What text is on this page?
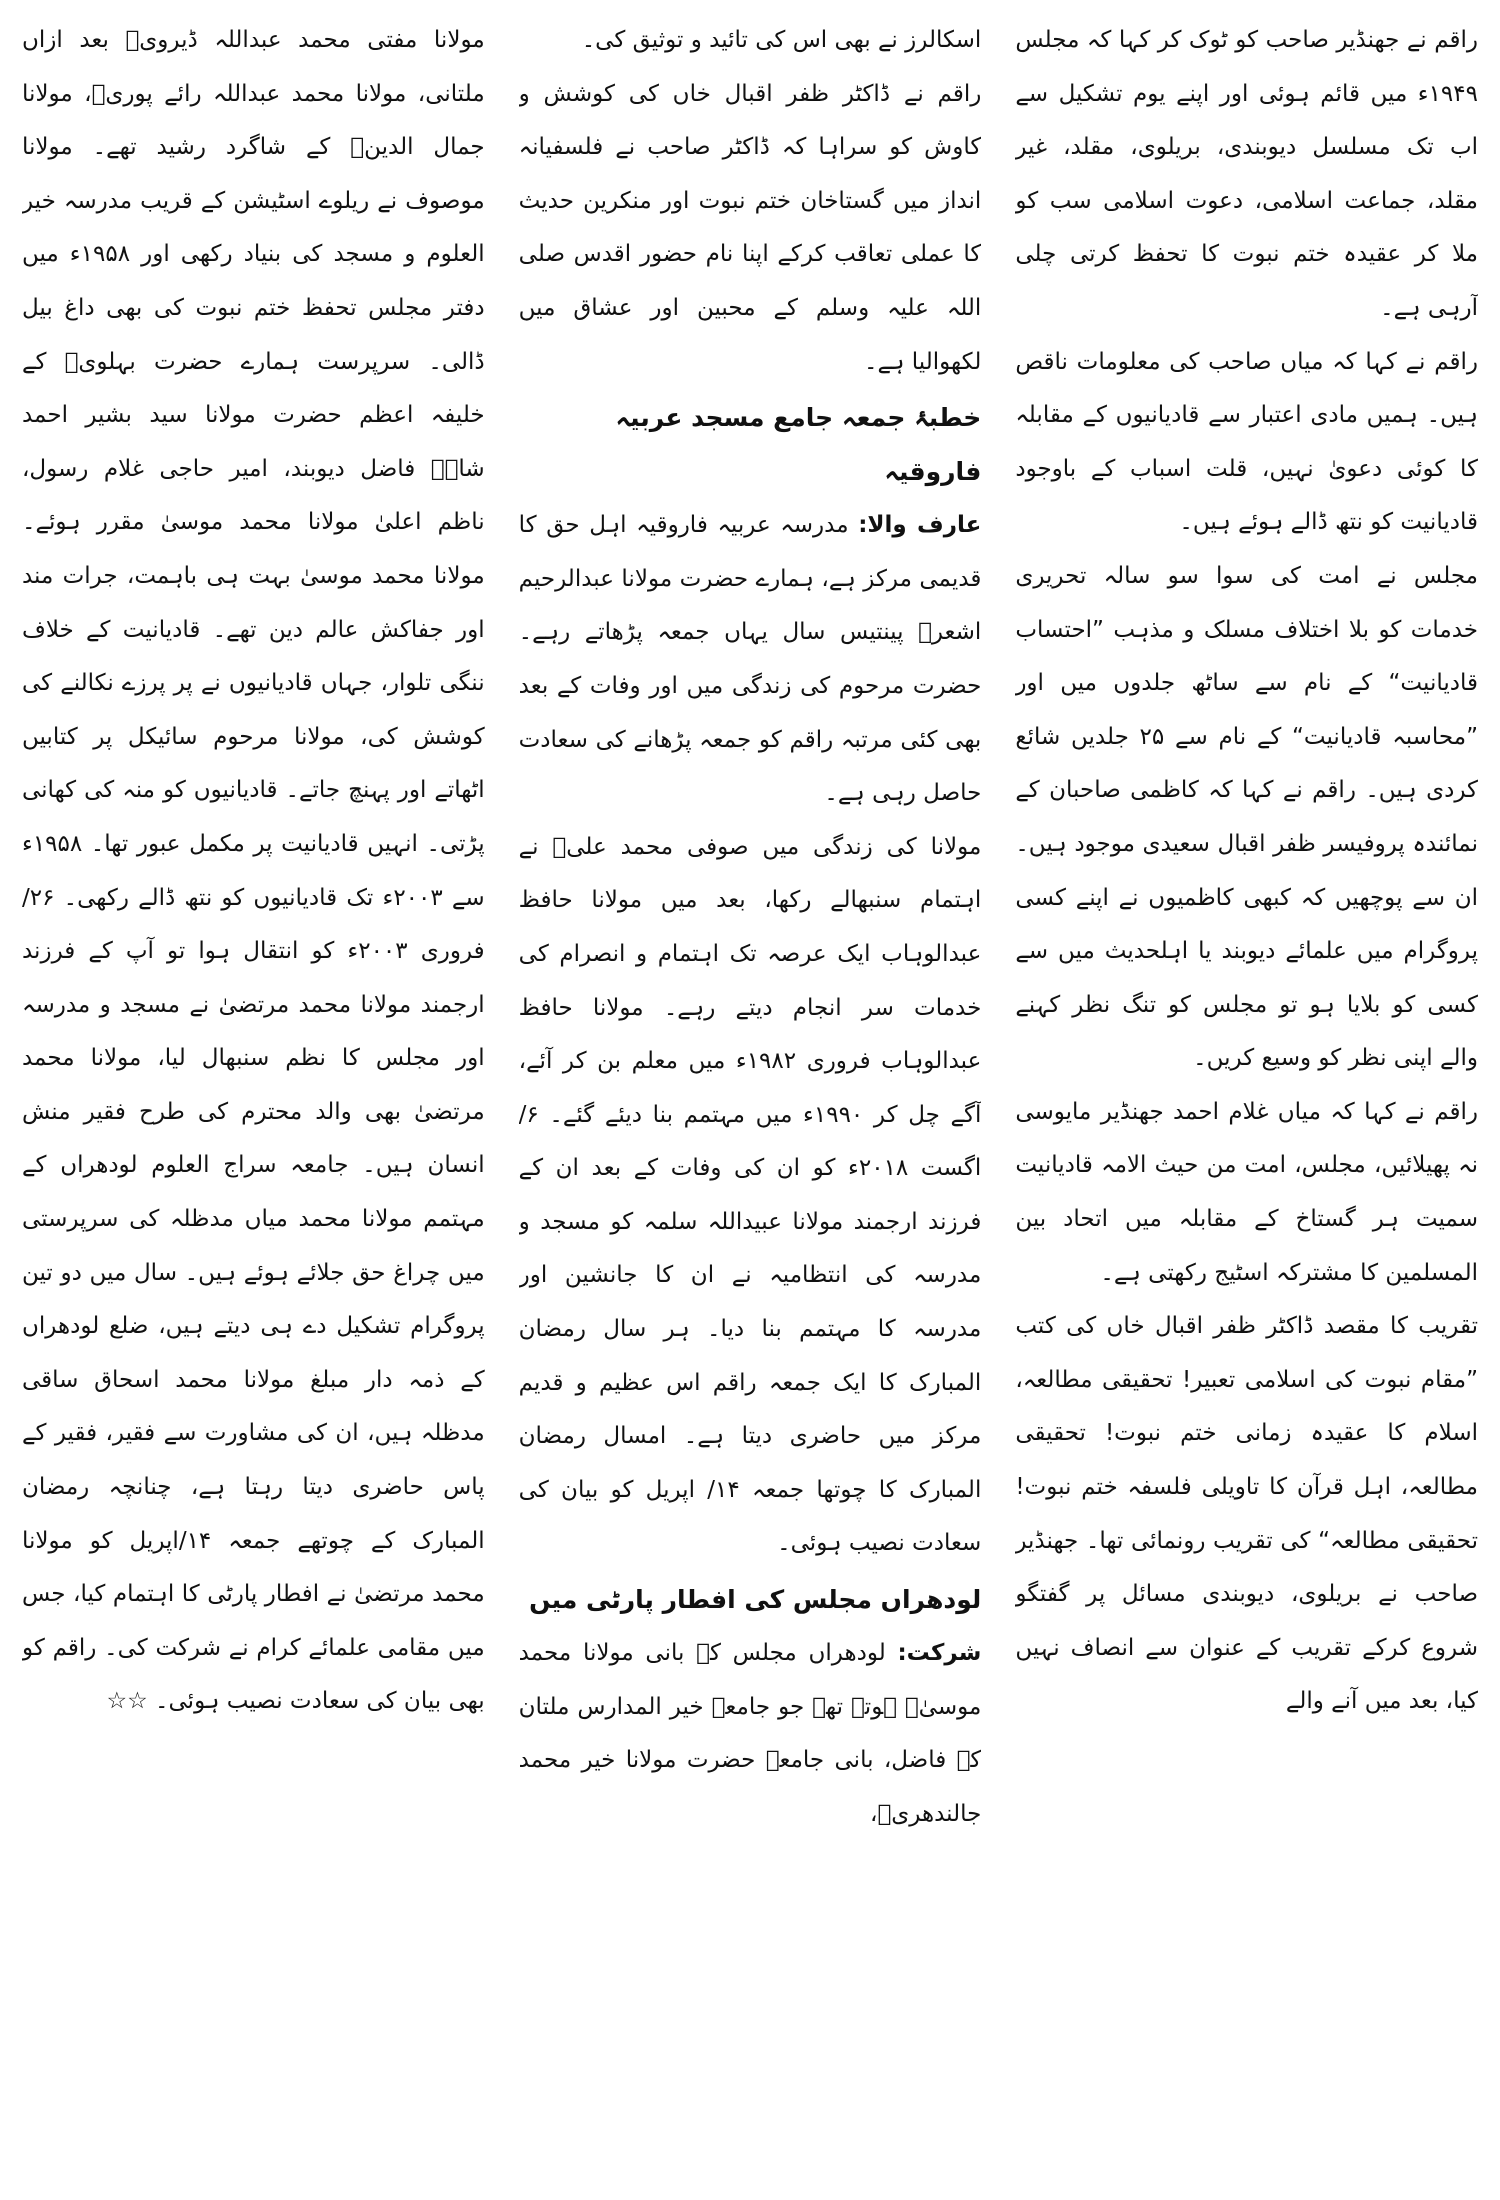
راقم نے جھنڈیر صاحب کو ٹوک کر کہا کہ مجلس ۱۹۴۹ء میں قائم ہوئی اور اپنے یوم تشکیل سے اب تک مسلسل دیوبندی، بریلوی، مقلد، غیر مقلد، جماعت اسلامی، دعوت اسلامی سب کو ملا کر عقیدہ ختم نبوت کا تحفظ کرتی چلی آرہی ہے۔

راقم نے کہا کہ میاں صاحب کی معلومات ناقص ہیں۔ ہمیں مادی اعتبار سے قادیانیوں کے مقابلہ کا کوئی دعویٰ نہیں، قلت اسباب کے باوجود قادیانیت کو نتھ ڈالے ہوئے ہیں۔

مجلس نے امت کی سوا سو سالہ تحریری خدمات کو بلا اختلاف مسلک و مذہب ”احتساب قادیانیت“ کے نام سے ساٹھ جلدوں میں اور ”محاسبہ قادیانیت“ کے نام سے ۲۵ جلدیں شائع کردی ہیں۔ راقم نے کہا کہ کاظمی صاحبان کے نمائندہ پروفیسر ظفر اقبال سعیدی موجود ہیں۔ ان سے پوچھیں کہ کبھی کاظمیوں نے اپنے کسی پروگرام میں علمائے دیوبند یا اہلحدیث میں سے کسی کو بلایا ہو تو مجلس کو تنگ نظر کہنے والے اپنی نظر کو وسیع کریں۔

راقم نے کہا کہ میاں غلام احمد جھنڈیر مایوسی نہ پھیلائیں، مجلس، امت من حیث الامہ قادیانیت سمیت ہر گستاخ کے مقابلہ میں اتحاد بین المسلمین کا مشترکہ اسٹیج رکھتی ہے۔

تقریب کا مقصد ڈاکٹر ظفر اقبال خاں کی کتب ”مقام نبوت کی اسلامی تعبیر! تحقیقی مطالعہ، اسلام کا عقیدہ زمانی ختم نبوت! تحقیقی مطالعہ، اہل قرآن کا تاویلی فلسفہ ختم نبوت! تحقیقی مطالعہ“ کی تقریب رونمائی تھا۔ جھنڈیر صاحب نے بریلوی، دیوبندی مسائل پر گفتگو شروع کرکے تقریب کے عنوان سے انصاف نہیں کیا، بعد میں آنے والے

اسکالرز نے بھی اس کی تائید و توثیق کی۔

راقم نے ڈاکٹر ظفر اقبال خاں کی کوشش و کاوش کو سراہا کہ ڈاکٹر صاحب نے فلسفیانہ انداز میں گستاخان ختم نبوت اور منکرین حدیث کا عملی تعاقب کرکے اپنا نام حضور اقدس صلی اللہ علیہ وسلم کے محبین اور عشاق میں لکھوالیا ہے۔

خطبۂ جمعہ جامع مسجد عربیہ فاروقیہ

عارف والا: مدرسہ عربیہ فاروقیہ اہل حق کا قدیمی مرکز ہے، ہمارے حضرت مولانا عبدالرحیم اشعرؒ پینتیس سال یہاں جمعہ پڑھاتے رہے۔ حضرت مرحوم کی زندگی میں اور وفات کے بعد بھی کئی مرتبہ راقم کو جمعہ پڑھانے کی سعادت حاصل رہی ہے۔

مولانا کی زندگی میں صوفی محمد علیؒ نے اہتمام سنبھالے رکھا، بعد میں مولانا حافظ عبدالوہاب ایک عرصہ تک اہتمام و انصرام کی خدمات سر انجام دیتے رہے۔ مولانا حافظ عبدالوہاب فروری ۱۹۸۲ء میں معلم بن کر آئے، آگے چل کر ۱۹۹۰ء میں مہتمم بنا دیئے گئے۔ ۶/اگست ۲۰۱۸ء کو ان کی وفات کے بعد ان کے فرزند ارجمند مولانا عبیداللہ سلمہ کو مسجد و مدرسہ کی انتظامیہ نے ان کا جانشین اور مدرسہ کا مہتمم بنا دیا۔ ہر سال رمضان المبارک کا ایک جمعہ راقم اس عظیم و قدیم مرکز میں حاضری دیتا ہے۔ امسال رمضان المبارک کا چوتھا جمعہ ۱۴/ اپریل کو بیان کی سعادت نصیب ہوئی۔

لودھراں مجلس کی افطار پارٹی میں

شرکت: لودھراں مجلس کے بانی مولانا محمد موسیٰؒ ہوتے تھے جو جامعہ خیر المدارس ملتان کے فاضل، بانی جامعہ حضرت مولانا خیر محمد جالندھریؒ،

مولانا مفتی محمد عبداللہ ڈیرویؒ بعد ازاں ملتانی، مولانا محمد عبداللہ رائے پوریؒ، مولانا جمال الدینؒ کے شاگرد رشید تھے۔ مولانا موصوف نے ریلوے اسٹیشن کے قریب مدرسہ خیر العلوم و مسجد کی بنیاد رکھی اور ۱۹۵۸ء میں دفتر مجلس تحفظ ختم نبوت کی بھی داغ بیل ڈالی۔ سرپرست ہمارے حضرت بہلویؒ کے خلیفہ اعظم حضرت مولانا سید بشیر احمد شاہؒ فاضل دیوبند، امیر حاجی غلام رسول، ناظم اعلیٰ مولانا محمد موسیٰ مقرر ہوئے۔ مولانا محمد موسیٰ بہت ہی باہمت، جرات مند اور جفاکش عالم دین تھے۔ قادیانیت کے خلاف ننگی تلوار، جہاں قادیانیوں نے پر پرزے نکالنے کی کوشش کی، مولانا مرحوم سائیکل پر کتابیں اٹھاتے اور پہنچ جاتے۔ قادیانیوں کو منہ کی کھانی پڑتی۔ انہیں قادیانیت پر مکمل عبور تھا۔ ۱۹۵۸ء سے ۲۰۰۳ء تک قادیانیوں کو نتھ ڈالے رکھی۔ ۲۶/فروری ۲۰۰۳ء کو انتقال ہوا تو آپ کے فرزند ارجمند مولانا محمد مرتضیٰ نے مسجد و مدرسہ اور مجلس کا نظم سنبھال لیا، مولانا محمد مرتضیٰ بھی والد محترم کی طرح فقیر منش انسان ہیں۔ جامعہ سراج العلوم لودھراں کے مہتمم مولانا محمد میاں مدظلہ کی سرپرستی میں چراغ حق جلائے ہوئے ہیں۔ سال میں دو تین پروگرام تشکیل دے ہی دیتے ہیں، ضلع لودھراں کے ذمہ دار مبلغ مولانا محمد اسحاق ساقی مدظلہ ہیں، ان کی مشاورت سے فقیر، فقیر کے پاس حاضری دیتا رہتا ہے، چنانچہ رمضان المبارک کے چوتھے جمعہ ۱۴/اپریل کو مولانا محمد مرتضیٰ نے افطار پارٹی کا اہتمام کیا، جس میں مقامی علمائے کرام نے شرکت کی۔ راقم کو بھی بیان کی سعادت نصیب ہوئی۔ ☆☆
